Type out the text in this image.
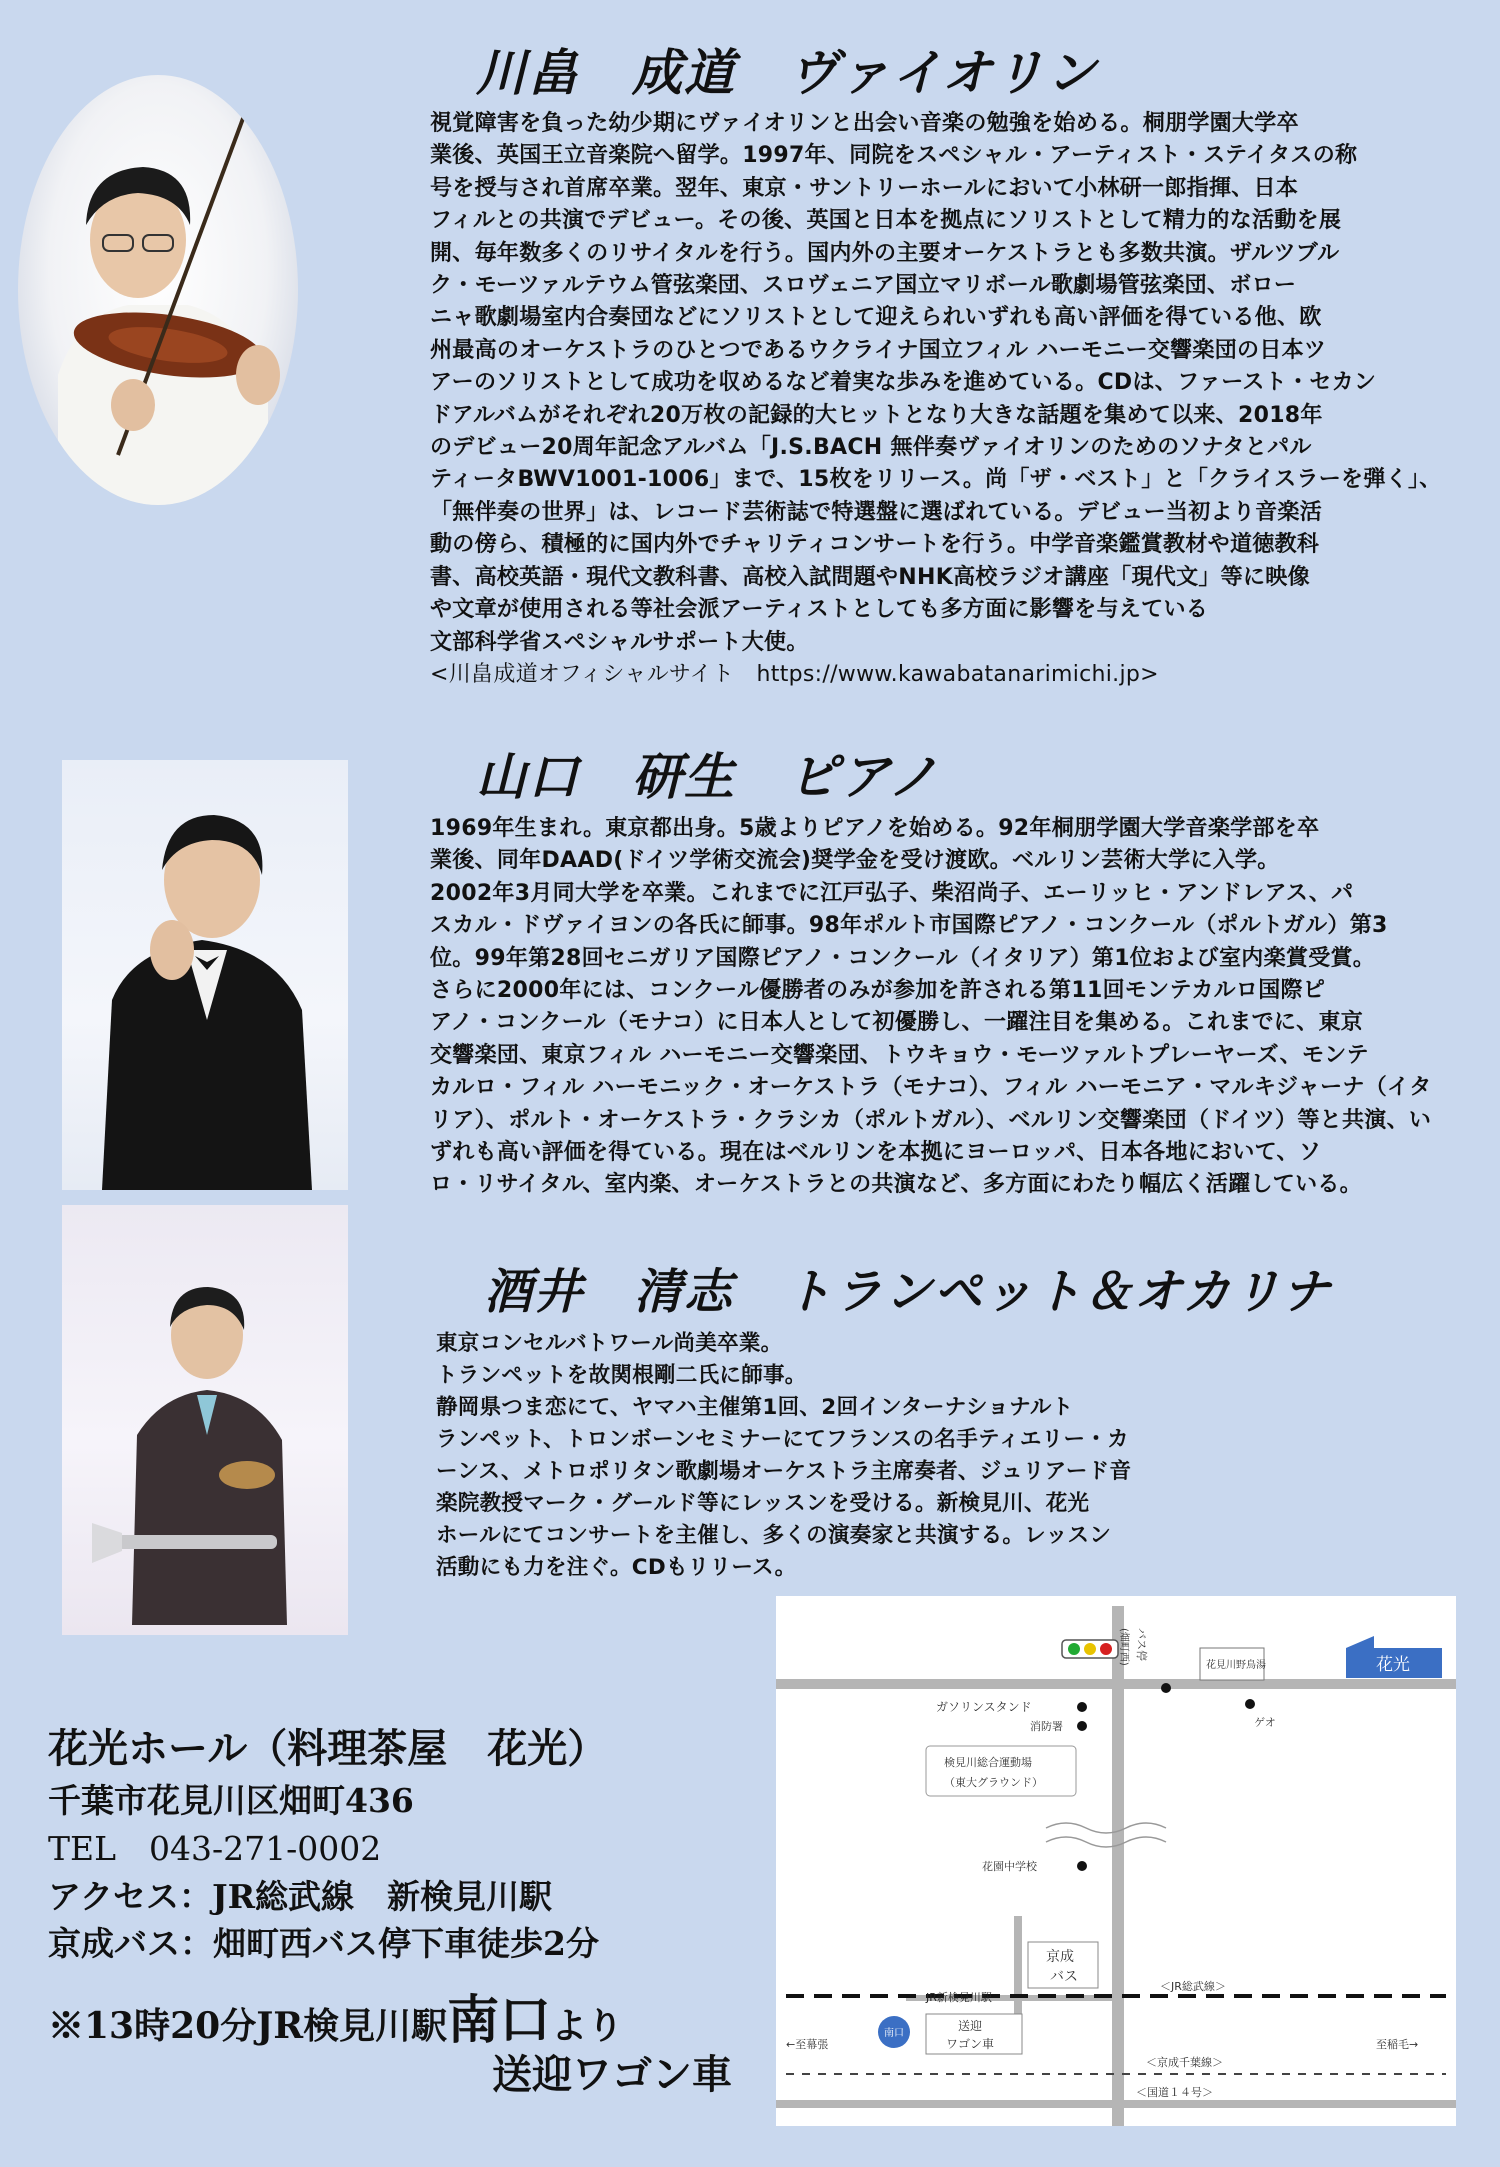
川畠　成道　ヴァイオリン
視覚障害を負った幼少期にヴァイオリンと出会い音楽の勉強を始める。桐朋学園大学卒
業後、英国王立音楽院へ留学。1997年、同院をスペシャル・アーティスト・ステイタスの称
号を授与され首席卒業。翌年、東京・サントリーホールにおいて小林研一郎指揮、日本
フィルとの共演でデビュー。その後、英国と日本を拠点にソリストとして精力的な活動を展
開、毎年数多くのリサイタルを行う。国内外の主要オーケストラとも多数共演。ザルツブル
ク・モーツァルテウム管弦楽団、スロヴェニア国立マリボール歌劇場管弦楽団、ボロー
ニャ歌劇場室内合奏団などにソリストとして迎えられいずれも高い評価を得ている他、欧
州最高のオーケストラのひとつであるウクライナ国立フィル ハーモニー交響楽団の日本ツ
アーのソリストとして成功を収めるなど着実な歩みを進めている。CDは、ファースト・セカン
ドアルバムがそれぞれ20万枚の記録的大ヒットとなり大きな話題を集めて以来、2018年
のデビュー20周年記念アルバム「J.S.BACH 無伴奏ヴァイオリンのためのソナタとパル
ティータBWV1001-1006」まで、15枚をリリース。尚「ザ・ベスト」と「クライスラーを弾く」、
「無伴奏の世界」は、レコード芸術誌で特選盤に選ばれている。デビュー当初より音楽活
動の傍ら、積極的に国内外でチャリティコンサートを行う。中学音楽鑑賞教材や道徳教科
書、高校英語・現代文教科書、高校入試問題やNHK高校ラジオ講座「現代文」等に映像
や文章が使用される等社会派アーティストとしても多方面に影響を与えている
文部科学省スペシャルサポート大使。
<川畠成道オフィシャルサイト　https://www.kawabatanarimichi.jp>
山口　研生　ピアノ
1969年生まれ。東京都出身。5歳よりピアノを始める。92年桐朋学園大学音楽学部を卒
業後、同年DAAD(ドイツ学術交流会)奨学金を受け渡欧。ベルリン芸術大学に入学。
2002年3月同大学を卒業。これまでに江戸弘子、柴沼尚子、エーリッヒ・アンドレアス、パ
スカル・ドヴァイヨンの各氏に師事。98年ポルト市国際ピアノ・コンクール（ポルトガル）第3
位。99年第28回セニガリア国際ピアノ・コンクール（イタリア）第1位および室内楽賞受賞。
さらに2000年には、コンクール優勝者のみが参加を許される第11回モンテカルロ国際ピ
アノ・コンクール（モナコ）に日本人として初優勝し、一躍注目を集める。これまでに、東京
交響楽団、東京フィル ハーモニー交響楽団、トウキョウ・モーツァルトプレーヤーズ、モンテ
カルロ・フィル ハーモニック・オーケストラ（モナコ）、フィル ハーモニア・マルキジャーナ（イタ
リア）、ポルト・オーケストラ・クラシカ（ポルトガル）、ベルリン交響楽団（ドイツ）等と共演、い
ずれも高い評価を得ている。現在はベルリンを本拠にヨーロッパ、日本各地において、ソ
ロ・リサイタル、室内楽、オーケストラとの共演など、多方面にわたり幅広く活躍している。
酒井　清志　トランペット＆オカリナ
東京コンセルバトワール尚美卒業。
トランペットを故関根剛二氏に師事。
静岡県つま恋にて、ヤマハ主催第1回、2回インターナショナルト
ランペット、トロンボーンセミナーにてフランスの名手ティエリー・カ
ーンス、メトロポリタン歌劇場オーケストラ主席奏者、ジュリアード音
楽院教授マーク・グールド等にレッスンを受ける。新検見川、花光
ホールにてコンサートを主催し、多くの演奏家と共演する。レッスン
活動にも力を注ぐ。CDもリリース。
花光ホール（料理茶屋　花光）
千葉市花見川区畑町436
TEL　043-271-0002
アクセス：JR総武線　新検見川駅
京成バス：畑町西バス停下車徒歩2分
※13時20分JR検見川駅南口より
送迎ワゴン車
バス停
(畑町西)	花見川野鳥湯	花光
ガソリンスタンド
消防署	ゲオ
検見川総合運動場
（東大グラウンド）
花園中学校
京成
バス
＜JR総武線＞
JR新検見川駅
南口
送迎
ワゴン車
←至幕張	至稲毛→
＜京成千葉線＞
＜国道１４号＞
